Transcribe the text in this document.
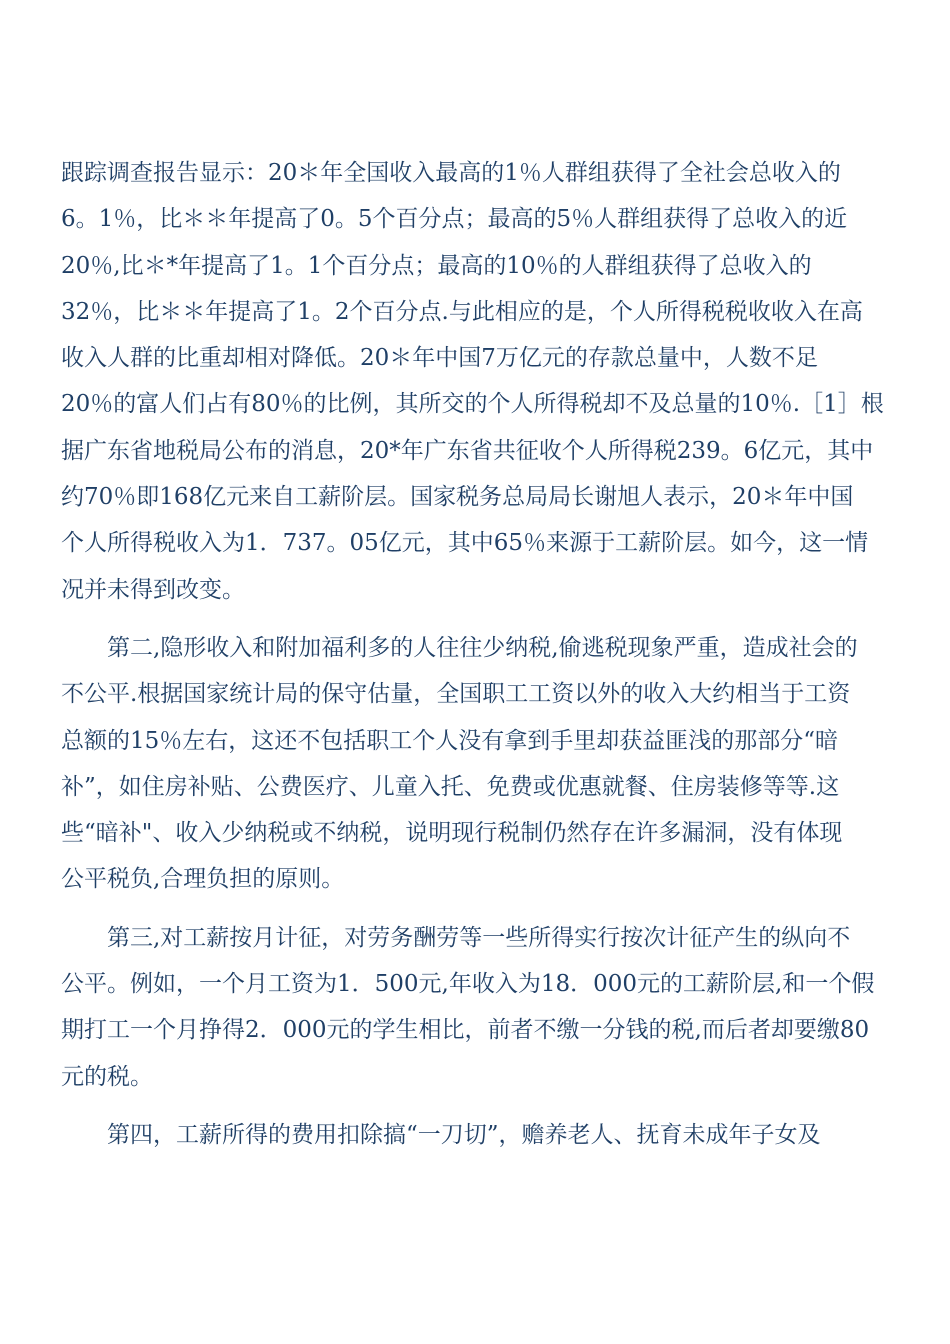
跟踪调查报告显示：20＊年全国收入最高的1％人群组获得了全社会总收入的
6。1％，比＊＊年提高了0。5个百分点；最高的5％人群组获得了总收入的近
20％,比＊*年提高了1。1个百分点；最高的10％的人群组获得了总收入的
32％，比＊＊年提高了1。2个百分点.与此相应的是，个人所得税税收收入在高
收入人群的比重却相对降低。20＊年中国7万亿元的存款总量中，人数不足
20％的富人们占有80％的比例，其所交的个人所得税却不及总量的10％.［1］根
据广东省地税局公布的消息，20*年广东省共征收个人所得税239。6亿元，其中
约70％即168亿元来自工薪阶层。国家税务总局局长谢旭人表示，20＊年中国
个人所得税收入为1．737。05亿元，其中65％来源于工薪阶层。如今，这一情
况并未得到改变。
第二,隐形收入和附加福利多的人往往少纳税,偷逃税现象严重，造成社会的
不公平.根据国家统计局的保守估量，全国职工工资以外的收入大约相当于工资
总额的15％左右，这还不包括职工个人没有拿到手里却获益匪浅的那部分“暗
补”，如住房补贴、公费医疗、儿童入托、免费或优惠就餐、住房装修等等.这
些“暗补"、收入少纳税或不纳税，说明现行税制仍然存在许多漏洞，没有体现
公平税负,合理负担的原则。
第三,对工薪按月计征，对劳务酬劳等一些所得实行按次计征产生的纵向不
公平。例如，一个月工资为1．500元,年收入为18．000元的工薪阶层,和一个假
期打工一个月挣得2．000元的学生相比，前者不缴一分钱的税,而后者却要缴80
元的税。
第四，工薪所得的费用扣除搞“一刀切”，赡养老人、抚育未成年子女及
